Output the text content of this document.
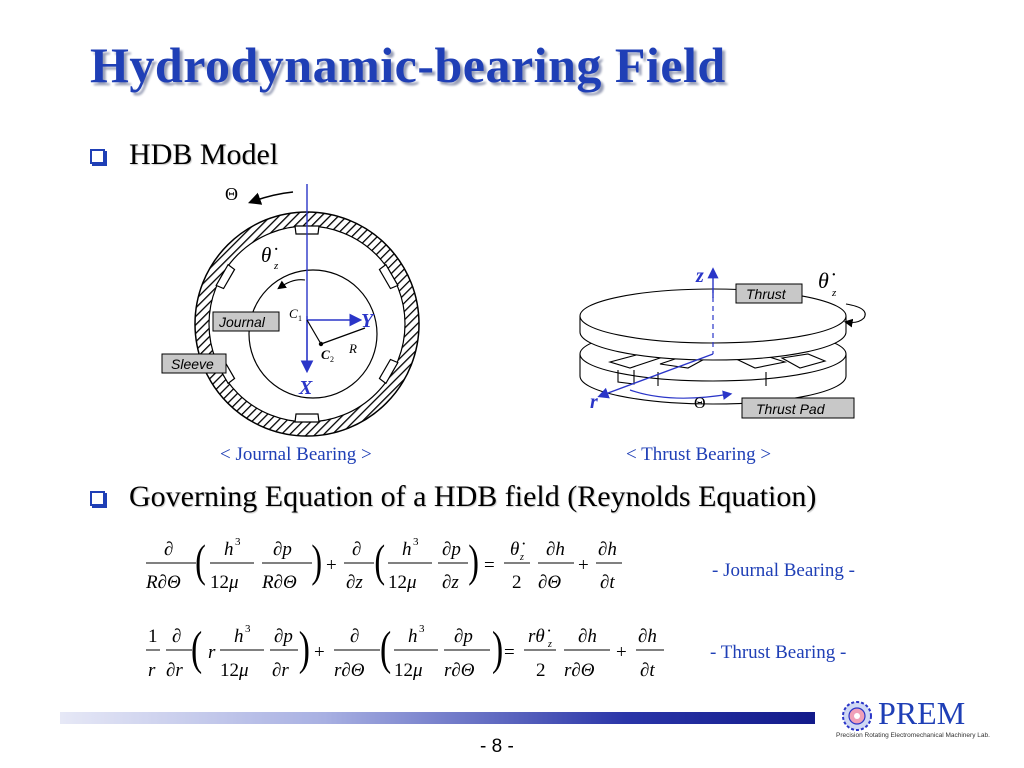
Hydrodynamic-bearing Field
HDB Model
Θ
θ̇ z
X
Y
C 1
C 2
R
Journal
Sleeve
< Journal Bearing >
z
r	Θ
θ̇ z
Thrust
Thrust Pad
< Thrust Bearing >
Governing Equation of a HDB field (Reynolds Equation)
∂
R∂Θ ( h 3
12μ
∂p
R∂Θ ) +
∂
∂z ( h 3
12μ
∂p
∂z ) =
θ̇ z
2
∂h
∂Θ
+
∂h
∂t
- Journal Bearing -
1
r
∂
∂r ( r
h 3
12μ
∂p
∂r ) +
∂
r∂Θ ( h 3
12μ
∂p
r∂Θ ) =
rθ̇ z
2
∂h
r∂Θ
+
∂h
∂t
- Thrust Bearing -
PREM
Precision Rotating Electromechanical Machinery Lab.
- 8 -
